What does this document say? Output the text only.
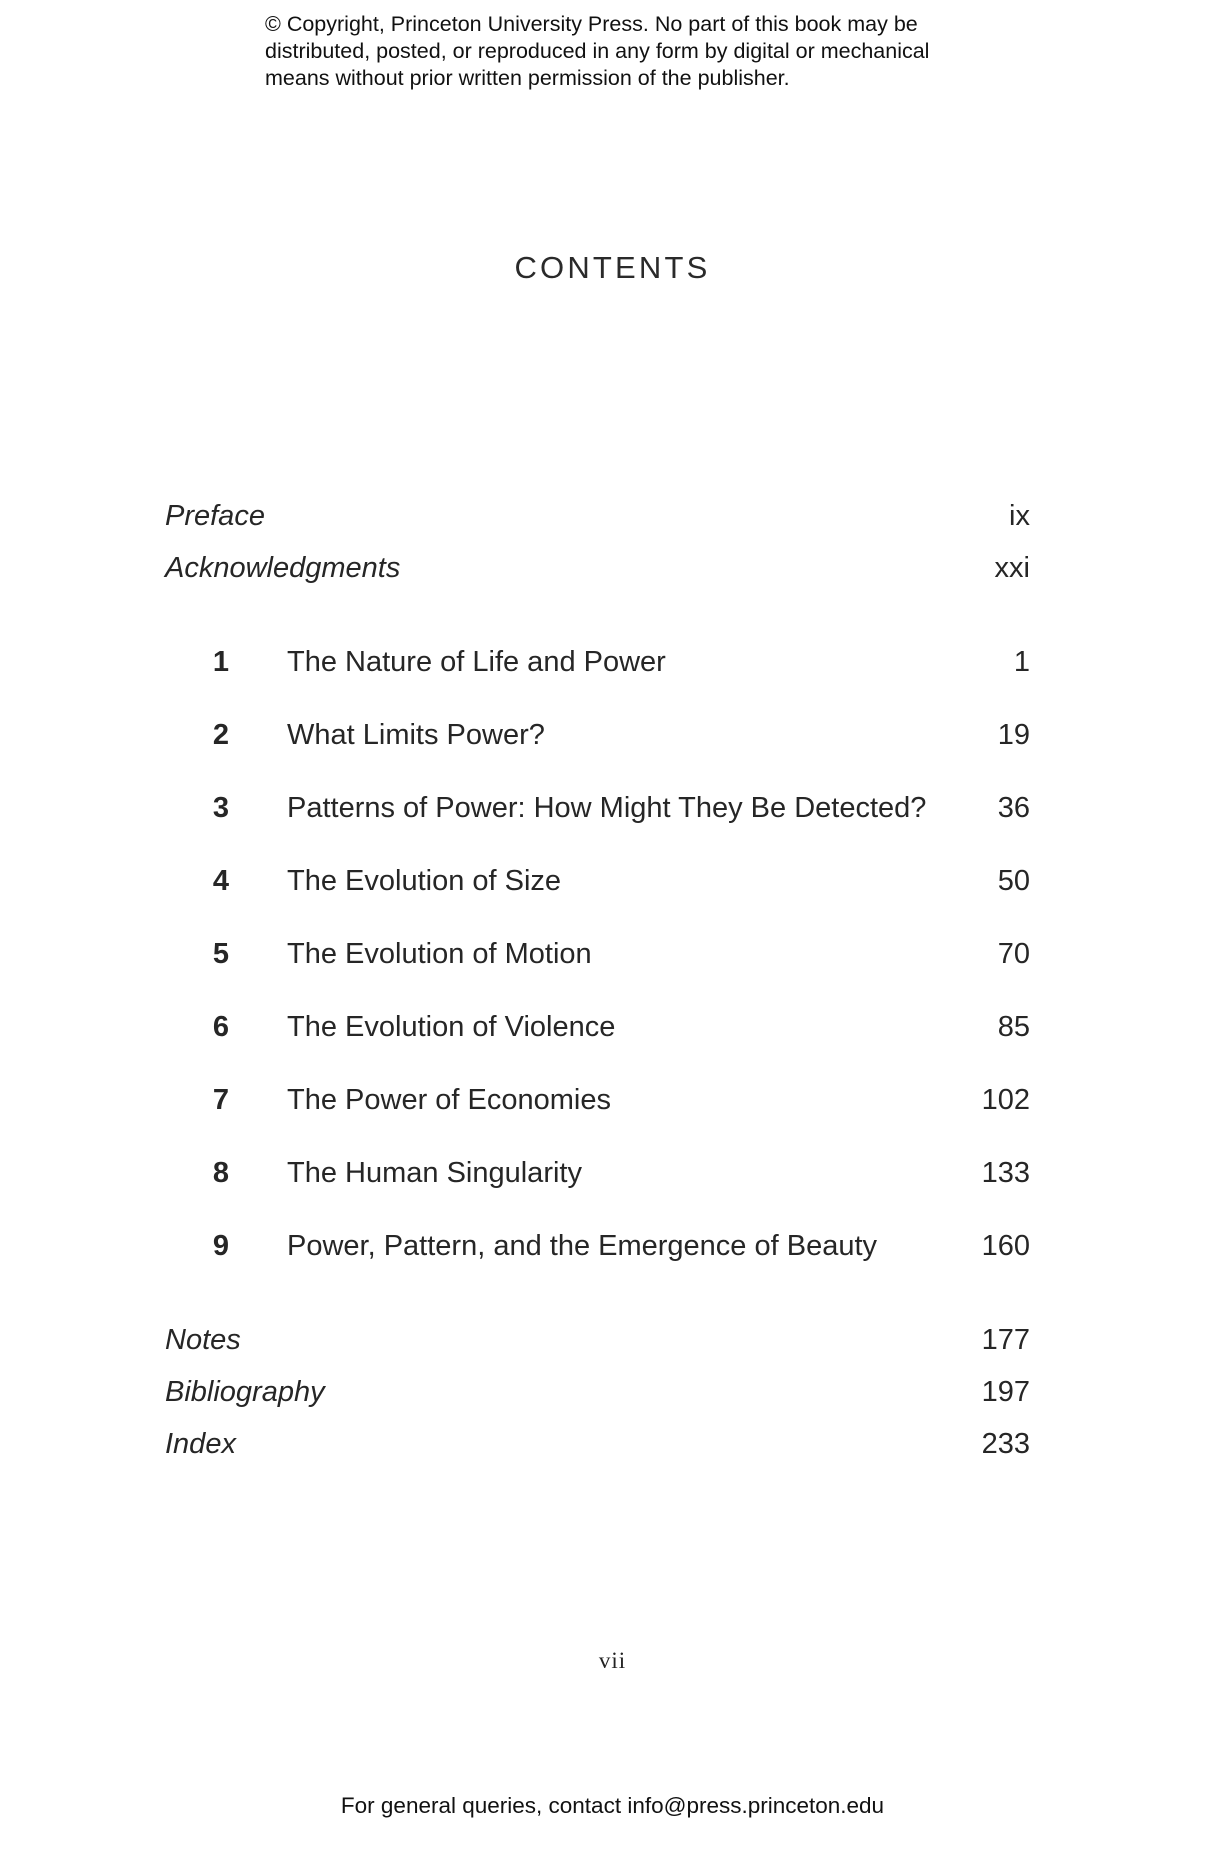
© Copyright, Princeton University Press. No part of this book may be
distributed, posted, or reproduced in any form by digital or mechanical
means without prior written permission of the publisher.
CONTENTS
Preface	ix
Acknowledgments	xxi
1 The Nature of Life and Power	1
2 What Limits Power?	19
3 Patterns of Power: How Might They Be Detected? 36
4 The Evolution of Size	50
5 The Evolution of Motion	70
6 The Evolution of Violence	85
7 The Power of Economies	102
8 The Human Singularity	133
9 Power, Pattern, and the Emergence of Beauty	160
Notes	177
Bibliography	197
Index	233
vii
For general queries, contact info@press.princeton.edu
